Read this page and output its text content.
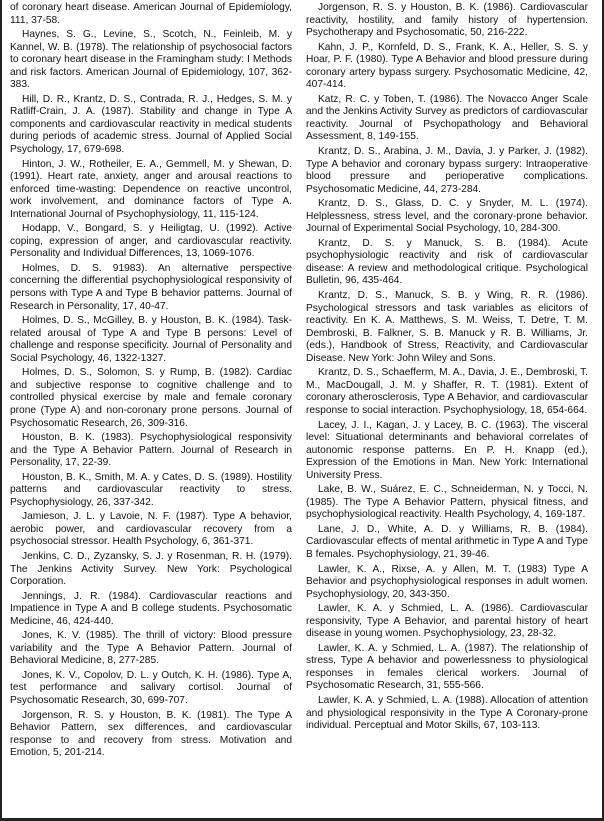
of coronary heart disease. American Journal of Epidemiology, 111, 37-58.

Haynes, S. G., Levine, S., Scotch, N., Feinleib, M. y Kannel, W. B. (1978). The relationship of psychosocial factors to coronary heart disease in the Framingham study: I Methods and risk factors. American Journal of Epidemiology, 107, 362-383.

Hill, D. R., Krantz, D. S., Contrada, R. J., Hedges, S. M. y Ratliff-Crain, J. A. (1987). Stability and change in Type A components and cardiovascular reactivity in medical students during periods of academic stress. Journal of Applied Social Psychology, 17, 679-698.

Hinton, J. W., Rotheiler, E. A., Gemmell, M. y Shewan, D. (1991). Heart rate, anxiety, anger and arousal reactions to enforced time-wasting: Dependence on reactive uncontrol, work involvement, and dominance factors of Type A. International Journal of Psychophysiology, 11, 115-124.

Hodapp, V., Bongard, S. y Heiligtag, U. (1992). Active coping, expression of anger, and cardiovascular reactivity. Personality and Individual Differences, 13, 1069-1076.

Holmes, D. S. 91983). An alternative perspective concerning the differential psychophysiological responsivity of persons with Type A and Type B behavior patterns. Journal of Research in Personality, 17, 40-47.

Holmes, D. S., McGilley, B. y Houston, B. K. (1984). Task-related arousal of Type A and Type B persons: Level of challenge and response specificity. Journal of Personality and Social Psychology, 46, 1322-1327.

Holmes, D. S., Solomon, S. y Rump, B. (1982). Cardiac and subjective response to cognitive challenge and to controlled physical exercise by male and female coronary prone (Type A) and non-coronary prone persons. Journal of Psychosomatic Research, 26, 309-316.

Houston, B. K. (1983). Psychophysiological responsivity and the Type A Behavior Pattern. Journal of Research in Personality, 17, 22-39.

Houston, B. K., Smith, M. A. y Cates, D. S. (1989). Hostility patterns and cardiovascular reactivity to stress. Psychophysiology, 26, 337-342.

Jamieson, J. L. y Lavoie, N. F. (1987). Type A behavior, aerobic power, and cardiovascular recovery from a psychosocial stressor. Health Psychology, 6, 361-371.

Jenkins, C. D., Zyzansky, S. J. y Rosenman, R. H. (1979). The Jenkins Activity Survey. New York: Psychological Corporation.

Jennings, J. R. (1984). Cardiovascular reactions and Impatience in Type A and B college students. Psychosomatic Medicine, 46, 424-440.

Jones, K. V. (1985). The thrill of victory: Blood pressure variability and the Type A Behavior Pattern. Journal of Behavioral Medicine, 8, 277-285.

Jones, K. V., Copolov, D. L. y Outch, K. H. (1986). Type A, test performance and salivary cortisol. Journal of Psychosomatic Research, 30, 699-707.

Jorgenson, R. S. y Houston, B. K. (1981). The Type A Behavior Pattern, sex differences, and cardiovascular response to and recovery from stress. Motivation and Emotion, 5, 201-214.

Jorgenson, R. S. y Houston, B. K. (1986). Cardiovascular reactivity, hostility, and family history of hypertension. Psychotherapy and Psychosomatic, 50, 216-222.

Kahn, J. P., Kornfeld, D. S., Frank, K. A., Heller, S. S. y Hoar, P. F. (1980). Type A Behavior and blood pressure during coronary artery bypass surgery. Psychosomatic Medicine, 42, 407-414.

Katz, R. C. y Toben, T. (1986). The Novacco Anger Scale and the Jenkins Activity Survey as predictors of cardiovascular reactivity. Journal of Psychopathology and Behavioral Assessment, 8, 149-155.

Krantz, D. S., Arabina, J. M., Davia, J. y Parker, J. (1982). Type A behavior and coronary bypass surgery: Intraoperative blood pressure and perioperative complications. Psychosomatic Medicine, 44, 273-284.

Krantz, D. S., Glass, D. C. y Snyder, M. L. (1974). Helplessness, stress level, and the coronary-prone behavior. Journal of Experimental Social Psychology, 10, 284-300.

Krantz, D. S. y Manuck, S. B. (1984). Acute psychophysiologic reactivity and risk of cardiovascular disease: A review and methodological critique. Psychological Bulletin, 96, 435-464.

Krantz, D. S., Manuck, S. B. y Wing, R. R. (1986). Psychological stressors and task variables as elicitors of reactivity. En K. A. Matthews, S. M. Weiss, T. Detre, T. M. Dembroski, B. Falkner, S. B. Manuck y R. B. Williams, Jr. (eds.), Handbook of Stress, Reactivity, and Cardiovascular Disease. New York: John Wiley and Sons.

Krantz, D. S., Schaefferm, M. A., Davia, J. E., Dembroski, T. M., MacDougall, J. M. y Shaffer, R. T. (1981). Extent of coronary atherosclerosis, Type A Behavior, and cardiovascular response to social interaction. Psychophysiology, 18, 654-664.

Lacey, J. I., Kagan, J. y Lacey, B. C. (1963). The visceral level: Situational determinants and behavioral correlates of autonomic response patterns. En P. H. Knapp (ed.), Expression of the Emotions in Man. New York: International University Press.

Lake, B. W., Suárez, E. C., Schneiderman, N. y Tocci, N. (1985). The Type A Behavior Pattern, physical fitness, and psychophysiological reactivity. Health Psychology, 4, 169-187.

Lane, J. D., White, A. D. y Williams, R. B. (1984). Cardiovascular effects of mental arithmetic in Type A and Type B females. Psychophysiology, 21, 39-46.

Lawler, K. A., Rixse, A. y Allen, M. T. (1983) Type A Behavior and psychophysiological responses in adult women. Psychophysiology, 20, 343-350.

Lawler, K. A. y Schmied, L. A. (1986). Cardiovascular responsivity, Type A Behavior, and parental history of heart disease in young women. Psychophysiology, 23, 28-32.

Lawler, K. A. y Schmied, L. A. (1987). The relationship of stress, Type A behavior and powerlessness to physiological responses in females clerical workers. Journal of Psychosomatic Research, 31, 555-566.

Lawler, K. A. y Schmied, L. A. (1988). Allocation of attention and physiological responsivity in the Type A Coronary-prone individual. Perceptual and Motor Skills, 67, 103-113.
